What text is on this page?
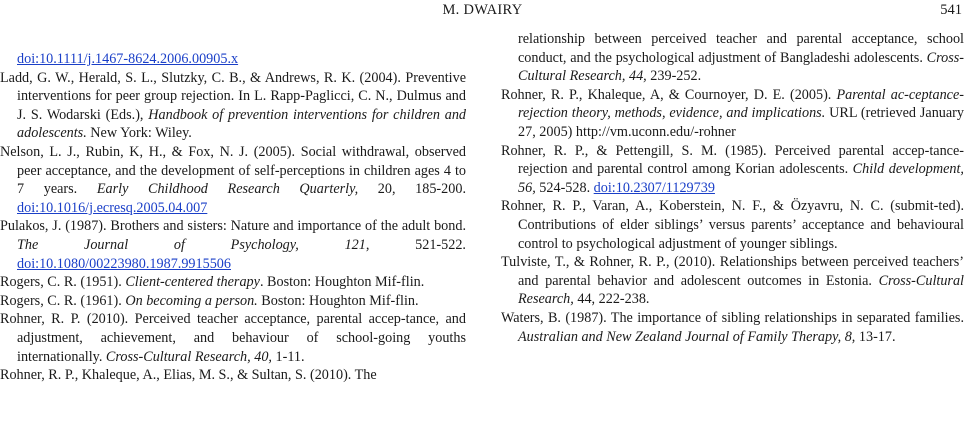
M. DWAIRY	541

doi:10.1111/j.1467-8624.2006.00905.x

Ladd, G. W., Herald, S. L., Slutzky, C. B., & Andrews, R. K. (2004). Preventive interventions for peer group rejection. In L. Rapp-Paglicci, C. N., Dulmus and J. S. Wodarski (Eds.), Handbook of prevention interventions for children and adolescents. New York: Wiley.

Nelson, L. J., Rubin, K, H., & Fox, N. J. (2005). Social withdrawal, observed peer acceptance, and the development of self-perceptions in children ages 4 to 7 years. Early Childhood Research Quarterly, 20, 185-200. doi:10.1016/j.ecresq.2005.04.007

Pulakos, J. (1987). Brothers and sisters: Nature and importance of the adult bond. The Journal of Psychology, 121, 521-522. doi:10.1080/00223980.1987.9915506

Rogers, C. R. (1951). Client-centered therapy. Boston: Houghton Mif-flin.

Rogers, C. R. (1961). On becoming a person. Boston: Houghton Mif-flin.

Rohner, R. P. (2010). Perceived teacher acceptance, parental accep-tance, and adjustment, achievement, and behaviour of school-going youths internationally. Cross-Cultural Research, 40, 1-11.

Rohner, R. P., Khaleque, A., Elias, M. S., & Sultan, S. (2010). The

relationship between perceived teacher and parental acceptance, school conduct, and the psychological adjustment of Bangladeshi adolescents. Cross-Cultural Research, 44, 239-252.

Rohner, R. P., Khaleque, A, & Cournoyer, D. E. (2005). Parental ac-ceptance-rejection theory, methods, evidence, and implications. URL (retrieved January 27, 2005) http://vm.uconn.edu/-rohner

Rohner, R. P., & Pettengill, S. M. (1985). Perceived parental accep-tance-rejection and parental control among Korian adolescents. Child development, 56, 524-528. doi:10.2307/1129739

Rohner, R. P., Varan, A., Koberstein, N. F., & Özyavru, N. C. (submit-ted). Contributions of elder siblings’ versus parents’ acceptance and behavioural control to psychological adjustment of younger siblings.

Tulviste, T., & Rohner, R. P., (2010). Relationships between perceived teachers’ and parental behavior and adolescent outcomes in Estonia. Cross-Cultural Research, 44, 222-238.

Waters, B. (1987). The importance of sibling relationships in separated families. Australian and New Zealand Journal of Family Therapy, 8, 13-17.
